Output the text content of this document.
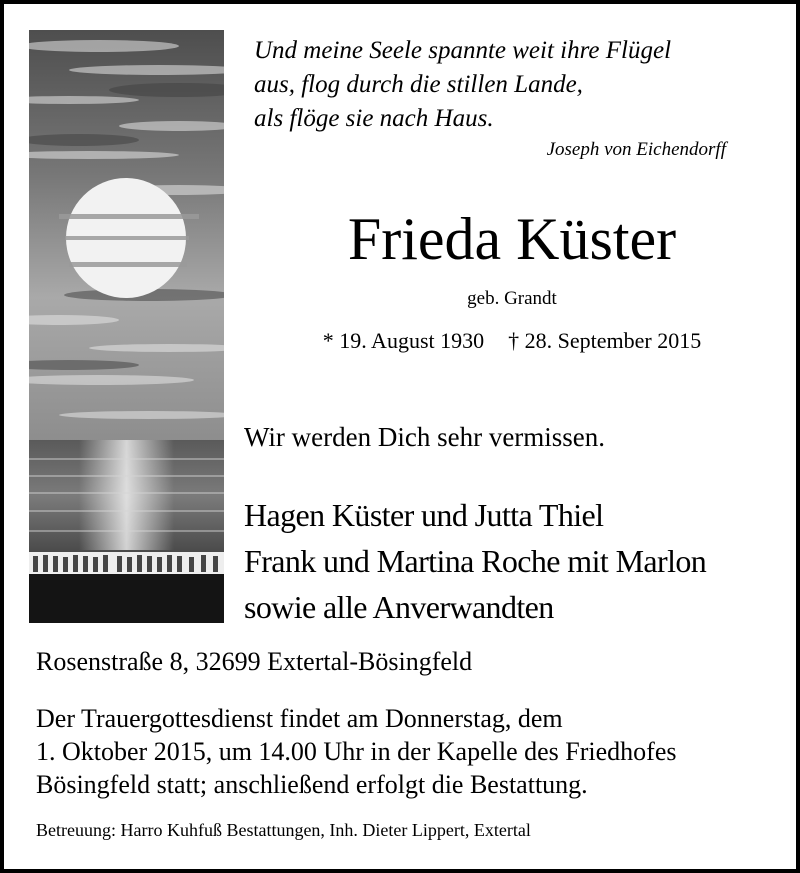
Und meine Seele spannte weit ihre Flügel
aus, flog durch die stillen Lande,
als flöge sie nach Haus.
Joseph von Eichendorff
Frieda Küster
geb. Grandt
* 19. August 1930 † 28. September 2015
Wir werden Dich sehr vermissen.
Hagen Küster und Jutta Thiel
Frank und Martina Roche mit Marlon
sowie alle Anverwandten
Rosenstraße 8, 32699 Extertal-Bösingfeld
Der Trauergottesdienst findet am Donnerstag, dem
1. Oktober 2015, um 14.00 Uhr in der Kapelle des Friedhofes
Bösingfeld statt; anschließend erfolgt die Bestattung.
Betreuung: Harro Kuhfuß Bestattungen, Inh. Dieter Lippert, Extertal
